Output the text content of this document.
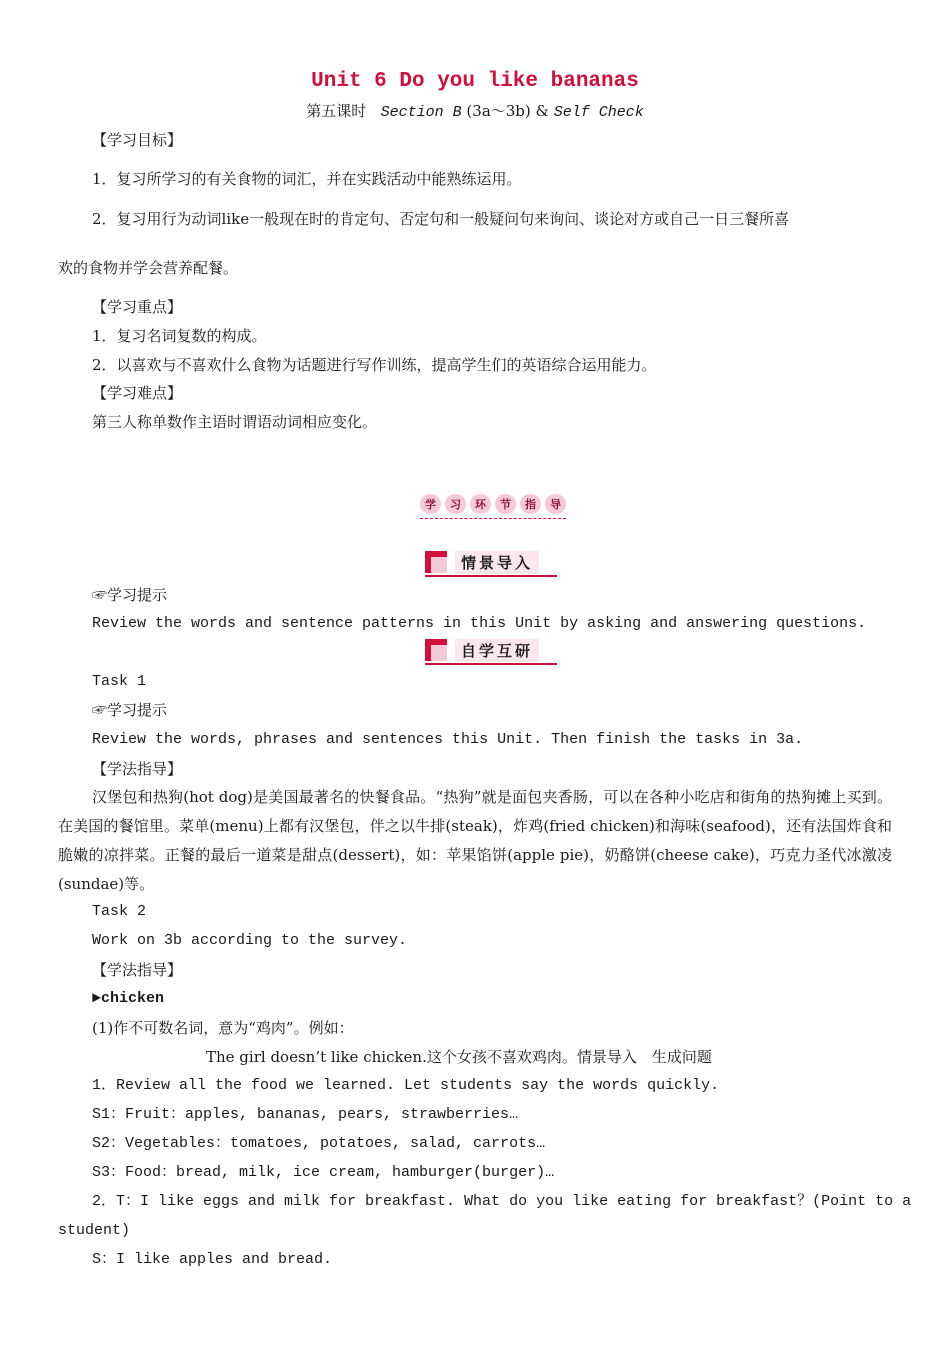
Unit 6 Do you like bananas
第五课时 Section B (3a～3b) & Self Check
【学习目标】
1．复习所学习的有关食物的词汇，并在实践活动中能熟练运用。
2．复习用行为动词like一般现在时的肯定句、否定句和一般疑问句来询问、谈论对方或自己一日三餐所喜
欢的食物并学会营养配餐。
【学习重点】
1．复习名词复数的构成。
2．以喜欢与不喜欢什么食物为话题进行写作训练，提高学生们的英语综合运用能力。
【学习难点】
第三人称单数作主语时谓语动词相应变化。
学	习	环	节	指	导
情景导入
☞学习提示
Review the words and sentence patterns in this Unit by asking and answering questions.
自学互研
Task 1
☞学习提示
Review the words, phrases and sentences this Unit. Then finish the tasks in 3a.
【学法指导】
汉堡包和热狗(hot dog)是美国最著名的快餐食品。“热狗”就是面包夹香肠，可以在各种小吃店和街角的热狗摊上买到。在美国的餐馆里。菜单(menu)上都有汉堡包，伴之以牛排(steak)，炸鸡(fried chicken)和海味(seafood)，还有法国炸食和脆嫩的凉拌菜。正餐的最后一道菜是甜点(dessert)，如：苹果馅饼(apple pie)，奶酪饼(cheese cake)，巧克力圣代冰激凌(sundae)等。
Task 2
Work on 3b according to the survey.
【学法指导】
►chicken
(1)作不可数名词，意为“鸡肉”。例如：
The girl doesn’t like chicken.这个女孩不喜欢鸡肉。情景导入　生成问题
1．Review all the food we learned. Let students say the words quickly.
S1：Fruit：apples, bananas, pears, strawberries…
S2：Vegetables：tomatoes, potatoes, salad, carrots…
S3：Food：bread, milk, ice cream, hamburger(burger)…
2．T：I like eggs and milk for breakfast. What do you like eating for breakfast？(Point to a
student)
S：I like apples and bread.
